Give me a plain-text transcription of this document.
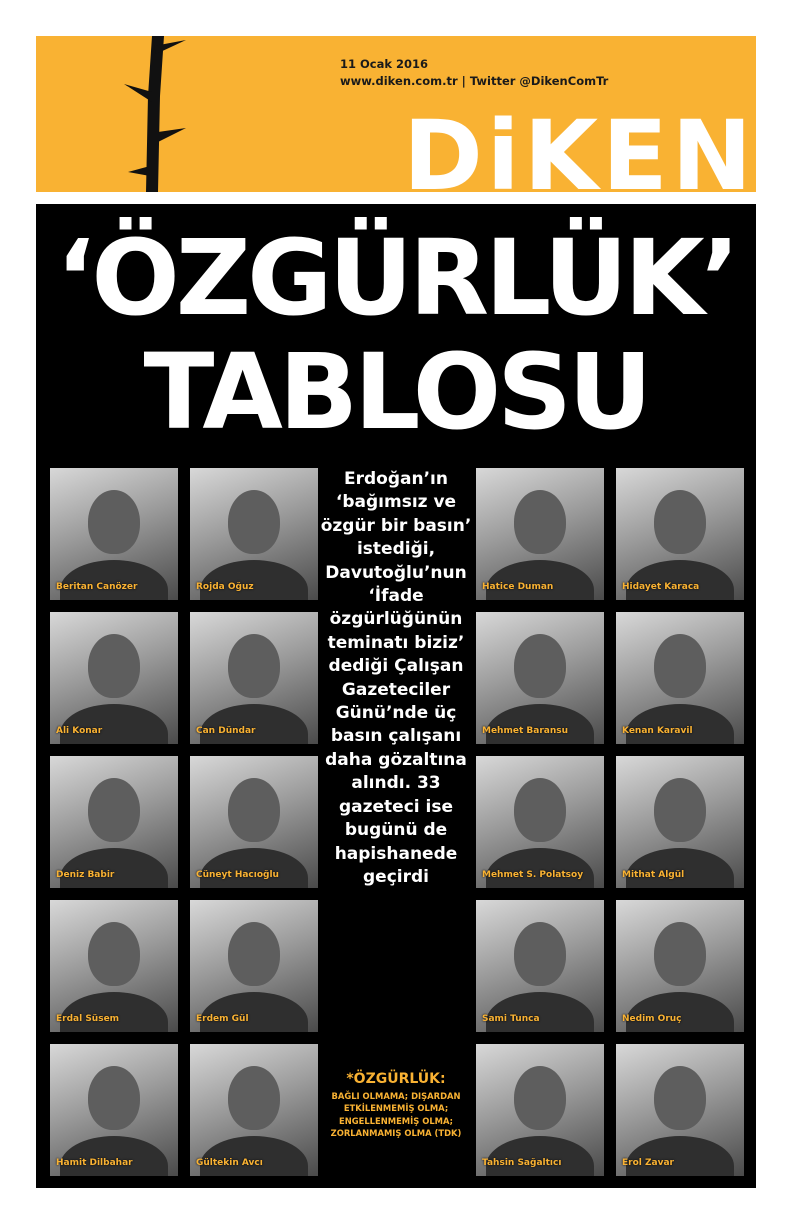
11 Ocak 2016
www.diken.com.tr | Twitter @DikenComTr
DiKEN
‘ÖZGÜRLÜK’
TABLOSU
Beritan Canözer	Rojda Oğuz
Ali Konar	Can Dündar
Deniz Babir	Cüneyt Hacıoğlu
Erdal Süsem	Erdem Gül
Hamit Dilbahar	Gültekin Avcı
Erdoğan’ın ‘bağımsız ve özgür bir basın’ istediği, Davutoğlu’nun ‘İfade özgürlüğünün teminatı biziz’ dediği Çalışan Gazeteciler Günü’nde üç basın çalışanı daha gözaltına alındı. 33 gazeteci ise bugünü de hapishanede geçirdi
*ÖZGÜRLÜK:
BAĞLI OLMAMA; DIŞARDAN ETKİLENMEMİŞ OLMA; ENGELLENMEMİŞ OLMA; ZORLANMAMIŞ OLMA (TDK)
Hatice Duman	Hidayet Karaca
Mehmet Baransu	Kenan Karavil
Mehmet S. Polatsoy	Mithat Algül
Sami Tunca	Nedim Oruç
Tahsin Sağaltıcı	Erol Zavar
